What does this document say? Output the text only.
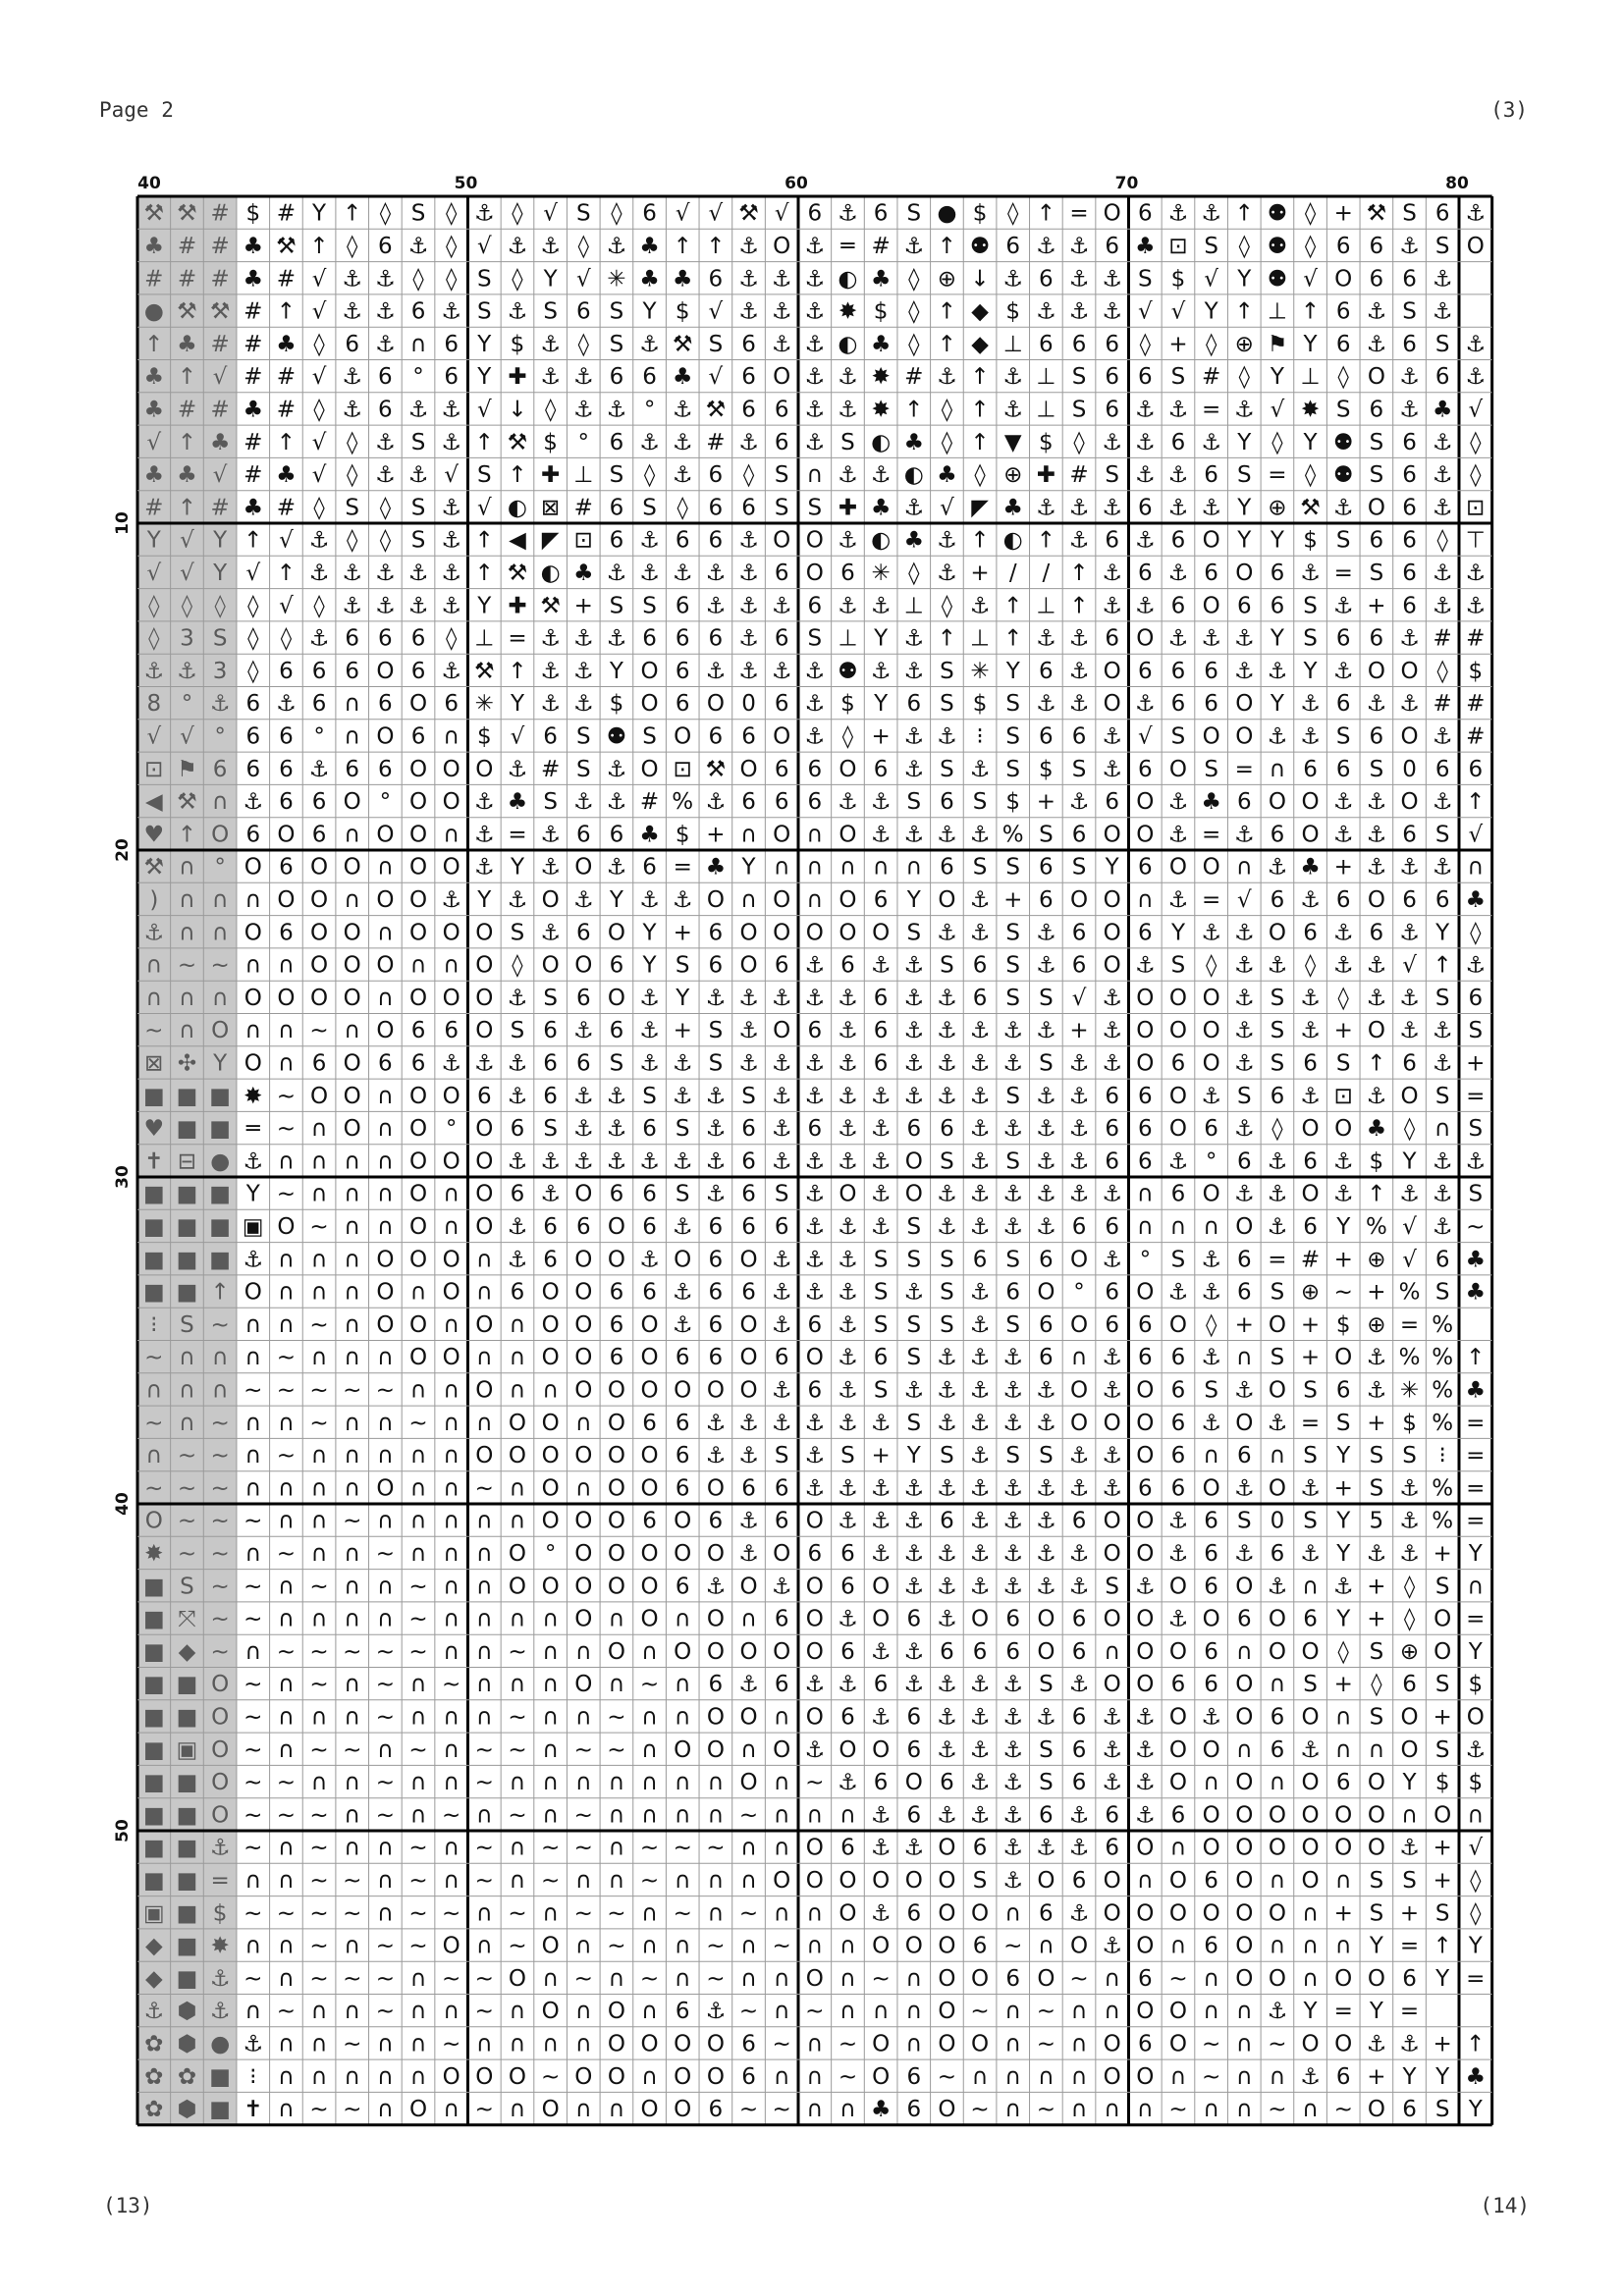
Page 2	(3)
40	50	60	70	80
10
20
30
40
50
⚒ ⚒ # $ # Y ↑ ◊ S ◊ ⚓ ◊ √ S ◊ 6 √ √ ⚒ √ 6 ⚓ 6 S ● $ ◊ ↑ = O 6 ⚓ ⚓ ↑ ⚉ ◊ + ⚒ S 6 ⚓
♣ # # ♣ ⚒ ↑ ◊ 6 ⚓ ◊ √ ⚓ ⚓ ◊ ⚓ ♣ ↑ ↑ ⚓ O ⚓ ═ # ⚓ ↑ ⚉ 6 ⚓ ⚓ 6 ♣ ⊡ S ◊ ⚉ ◊ 6 6 ⚓ S O
# # # ♣ # √ ⚓ ⚓ ◊ ◊ S ◊ Y √ ✳ ♣ ♣ 6 ⚓ ⚓ ⚓ ◐ ♣ ◊ ⊕ ↓ ⚓ 6 ⚓ ⚓ S $ √ Y ⚉ √ O 6 6 ⚓
● ⚒ ⚒ # ↑ √ ⚓ ⚓ 6 ⚓ S ⚓ S 6 S Y $ √ ⚓ ⚓ ⚓ ✸ $ ◊ ↑ ◆ $ ⚓ ⚓ ⚓ √ √ Y ↑ ⊥ ↑ 6 ⚓ S ⚓
↑ ♣ # # ♣ ◊ 6 ⚓ ∩ 6 Y $ ⚓ ◊ S ⚓ ⚒ S 6 ⚓ ⚓ ◐ ♣ ◊ ↑ ◆ ⊥ 6 6 6 ◊ + ◊ ⊕ ⚑ Y 6 ⚓ 6 S ⚓
♣ ↑ √ # # √ ⚓ 6 ° 6 Y ✚ ⚓ ⚓ 6 6 ♣ √ 6 O ⚓ ⚓ ✸ # ⚓ ↑ ⚓ ⊥ S 6 6 S # ◊ Y ⊥ ◊ O ⚓ 6 ⚓
♣ # # ♣ # ◊ ⚓ 6 ⚓ ⚓ √ ↓ ◊ ⚓ ⚓ ° ⚓ ⚒ 6 6 ⚓ ⚓ ✸ ↑ ◊ ↑ ⚓ ⊥ S 6 ⚓ ⚓ = ⚓ √ ✸ S 6 ⚓ ♣ √
√ ↑ ♣ # ↑ √ ◊ ⚓ S ⚓ ↑ ⚒ $ ° 6 ⚓ ⚓ # ⚓ 6 ⚓ S ◐ ♣ ◊ ↑ ▼ $ ◊ ⚓ ⚓ 6 ⚓ Y ◊ Y ⚉ S 6 ⚓ ◊
♣ ♣ √ # ♣ √ ◊ ⚓ ⚓ √ S ↑ ✚ ⊥ S ◊ ⚓ 6 ◊ S ∩ ⚓ ⚓ ◐ ♣ ◊ ⊕ ✚ # S ⚓ ⚓ 6 S = ◊ ⚉ S 6 ⚓ ◊
# ↑ # ♣ # ◊ S ◊ S ⚓ √ ◐ ⊠ # 6 S ◊ 6 6 S S ✚ ♣ ⚓ √ ◤ ♣ ⚓ ⚓ ⚓ 6 ⚓ ⚓ Y ⊕ ⚒ ⚓ O 6 ⚓ ⊡
Y √ Y ↑ √ ⚓ ◊ ◊ S ⚓ ↑ ◀ ◤ ⊡ 6 ⚓ 6 6 ⚓ O O ⚓ ◐ ♣ ⚓ ↑ ◐ ↑ ⚓ 6 ⚓ 6 O Y Y $ S 6 6 ◊ ⊤
√ √ Y √ ↑ ⚓ ⚓ ⚓ ⚓ ⚓ ↑ ⚒ ◐ ♣ ⚓ ⚓ ⚓ ⚓ ⚓ 6 O 6 ✳ ◊ ⚓ + / / ↑ ⚓ 6 ⚓ 6 O 6 ⚓ = S 6 ⚓ ⚓
◊ ◊ ◊ ◊ √ ◊ ⚓ ⚓ ⚓ ⚓ Y ✚ ⚒ + S S 6 ⚓ ⚓ ⚓ 6 ⚓ ⚓ ⊥ ◊ ⚓ ↑ ⊥ ↑ ⚓ ⚓ 6 O 6 6 S ⚓ + 6 ⚓ ⚓
◊ 3 S ◊ ◊ ⚓ 6 6 6 ◊ ⊥ = ⚓ ⚓ ⚓ 6 6 6 ⚓ 6 S ⊥ Y ⚓ ↑ ⊥ ↑ ⚓ ⚓ 6 O ⚓ ⚓ ⚓ Y S 6 6 ⚓ # #
⚓ ⚓ 3 ◊ 6 6 6 O 6 ⚓ ⚒ ↑ ⚓ ⚓ Y O 6 ⚓ ⚓ ⚓ ⚓ ⚉ ⚓ ⚓ S ✳ Y 6 ⚓ O 6 6 6 ⚓ ⚓ Y ⚓ O O ◊ $
8 ° ⚓ 6 ⚓ 6 ∩ 6 O 6 ✳ Y ⚓ ⚓ $ O 6 O 0 6 ⚓ $ Y 6 S $ S ⚓ ⚓ O ⚓ 6 6 O Y ⚓ 6 ⚓ ⚓ # #
√ √ ° 6 6 ° ∩ O 6 ∩ $ √ 6 S ⚉ S O 6 6 O ⚓ ◊ + ⚓ ⚓ ⁝ S 6 6 ⚓ √ S O O ⚓ ⚓ S 6 O ⚓ #
⊡ ⚑ 6 6 6 ⚓ 6 6 O O O ⚓ # S ⚓ O ⊡ ⚒ O 6 6 O 6 ⚓ S ⚓ S $ S ⚓ 6 O S = ∩ 6 6 S 0 6 6
◀ ⚒ ∩ ⚓ 6 6 O ° O O ⚓ ♣ S ⚓ ⚓ # % ⚓ 6 6 6 ⚓ ⚓ S 6 S $ + ⚓ 6 O ⚓ ♣ 6 O O ⚓ ⚓ O ⚓ ↑
♥ ↑ O 6 O 6 ∩ O O ∩ ⚓ = ⚓ 6 6 ♣ $ + ∩ O ∩ O ⚓ ⚓ ⚓ ⚓ % S 6 O O ⚓ = ⚓ 6 O ⚓ ⚓ 6 S √
⚒ ∩ ° O 6 O O ∩ O O ⚓ Y ⚓ O ⚓ 6 = ♣ Y ∩ ∩ ∩ ∩ ∩ 6 S S 6 S Y 6 O O ∩ ⚓ ♣ + ⚓ ⚓ ⚓ ∩
) ∩ ∩ ∩ O O ∩ O O ⚓ Y ⚓ O ⚓ Y ⚓ ⚓ O ∩ O ∩ O 6 Y O ⚓ + 6 O O ∩ ⚓ = √ 6 ⚓ 6 O 6 6 ♣
⚓ ∩ ∩ O 6 O O ∩ O O O S ⚓ 6 O Y + 6 O O O O O S ⚓ ⚓ S ⚓ 6 O 6 Y ⚓ ⚓ O 6 ⚓ 6 ⚓ Y ◊
∩ ~ ~ ∩ ∩ O O O ∩ ∩ O ◊ O O 6 Y S 6 O 6 ⚓ 6 ⚓ ⚓ S 6 S ⚓ 6 O ⚓ S ◊ ⚓ ⚓ ◊ ⚓ ⚓ √ ↑ ⚓
∩ ∩ ∩ O O O O ∩ O O O ⚓ S 6 O ⚓ Y ⚓ ⚓ ⚓ ⚓ ⚓ 6 ⚓ ⚓ 6 S S √ ⚓ O O O ⚓ S ⚓ ◊ ⚓ ⚓ S 6
~ ∩ O ∩ ∩ ~ ∩ O 6 6 O S 6 ⚓ 6 ⚓ + S ⚓ O 6 ⚓ 6 ⚓ ⚓ ⚓ ⚓ ⚓ + ⚓ O O O ⚓ S ⚓ + O ⚓ ⚓ S
⊠ ✣ Y O ∩ 6 O 6 6 ⚓ ⚓ ⚓ 6 6 S ⚓ ⚓ S ⚓ ⚓ ⚓ ⚓ 6 ⚓ ⚓ ⚓ ⚓ S ⚓ ⚓ O 6 O ⚓ S 6 S ↑ 6 ⚓ +
■ ■ ■ ✸ ~ O O ∩ O O 6 ⚓ 6 ⚓ ⚓ S ⚓ ⚓ S ⚓ ⚓ ⚓ ⚓ ⚓ ⚓ ⚓ S ⚓ ⚓ 6 6 O ⚓ S 6 ⚓ ⊡ ⚓ O S =
♥ ■ ■ ═ ~ ∩ O ∩ O ° O 6 S ⚓ ⚓ 6 S ⚓ 6 ⚓ 6 ⚓ ⚓ 6 6 ⚓ ⚓ ⚓ ⚓ 6 6 O 6 ⚓ ◊ O O ♣ ◊ ∩ S
✝ ⊟ ● ⚓ ∩ ∩ ∩ ∩ O O O ⚓ ⚓ ⚓ ⚓ ⚓ ⚓ ⚓ 6 ⚓ ⚓ ⚓ ⚓ O S ⚓ S ⚓ ⚓ 6 6 ⚓ ° 6 ⚓ 6 ⚓ $ Y ⚓ ⚓
■ ■ ■ Y ~ ∩ ∩ ∩ O ∩ O 6 ⚓ O 6 6 S ⚓ 6 S ⚓ O ⚓ O ⚓ ⚓ ⚓ ⚓ ⚓ ⚓ ∩ 6 O ⚓ ⚓ O ⚓ ↑ ⚓ ⚓ S
■ ■ ■ ▣ O ~ ∩ ∩ O ∩ O ⚓ 6 6 O 6 ⚓ 6 6 6 ⚓ ⚓ ⚓ S ⚓ ⚓ ⚓ ⚓ 6 6 ∩ ∩ ∩ O ⚓ 6 Y % √ ⚓ ~
■ ■ ■ ⚓ ∩ ∩ ∩ O O O ∩ ⚓ 6 O O ⚓ O 6 O ⚓ ⚓ ⚓ S S S 6 S 6 O ⚓ ° S ⚓ 6 = # + ⊕ √ 6 ♣
■ ■ ↑ O ∩ ∩ ∩ O ∩ O ∩ 6 O O 6 6 ⚓ 6 6 ⚓ ⚓ ⚓ S ⚓ S ⚓ 6 O ° 6 O ⚓ ⚓ 6 S ⊕ ~ + % S ♣
⁝ S ~ ∩ ∩ ~ ∩ O O ∩ O ∩ O O 6 O ⚓ 6 O ⚓ 6 ⚓ S S S ⚓ S 6 O 6 6 O ◊ + O + $ ⊕ = %
~ ∩ ∩ ∩ ~ ∩ ∩ ∩ O O ∩ ∩ O O 6 O 6 6 O 6 O ⚓ 6 S ⚓ ⚓ ⚓ 6 ∩ ⚓ 6 6 ⚓ ∩ S + O ⚓ % % ↑
∩ ∩ ∩ ~ ~ ~ ~ ~ ∩ ∩ O ∩ ∩ O O O O O O ⚓ 6 ⚓ S ⚓ ⚓ ⚓ ⚓ ⚓ O ⚓ O 6 S ⚓ O S 6 ⚓ ✳ % ♣
~ ∩ ~ ∩ ∩ ~ ∩ ∩ ~ ∩ ∩ O O ∩ O 6 6 ⚓ ⚓ ⚓ ⚓ ⚓ ⚓ S ⚓ ⚓ ⚓ ⚓ O O O 6 ⚓ O ⚓ = S + $ % =
∩ ~ ~ ∩ ~ ∩ ∩ ∩ ∩ ∩ O O O O O O 6 ⚓ ⚓ S ⚓ S + Y S ⚓ S S ⚓ ⚓ O 6 ∩ 6 ∩ S Y S S ⁝ =
~ ~ ~ ∩ ∩ ∩ ∩ O ∩ ∩ ~ ∩ O ∩ O O 6 O 6 6 ⚓ ⚓ ⚓ ⚓ ⚓ ⚓ ⚓ ⚓ ⚓ ⚓ 6 6 O ⚓ O ⚓ + S ⚓ % =
O ~ ~ ~ ∩ ∩ ~ ∩ ∩ ∩ ∩ ∩ O O O 6 O 6 ⚓ 6 O ⚓ ⚓ ⚓ 6 ⚓ ⚓ ⚓ 6 O O ⚓ 6 S 0 S Y 5 ⚓ % =
✸ ~ ~ ∩ ~ ∩ ∩ ~ ∩ ∩ ∩ O ° O O O O O ⚓ O 6 6 ⚓ ⚓ ⚓ ⚓ ⚓ ⚓ ⚓ O O ⚓ 6 ⚓ 6 ⚓ Y ⚓ ⚓ + Y
■ S ~ ~ ∩ ~ ∩ ∩ ~ ∩ ∩ O O O O O 6 ⚓ O ⚓ O 6 O ⚓ ⚓ ⚓ ⚓ ⚓ ⚓ S ⚓ O 6 O ⚓ ∩ ⚓ + ◊ S ∩
■ ⤧ ~ ~ ∩ ∩ ∩ ∩ ~ ∩ ∩ ∩ ∩ O ∩ O ∩ O ∩ 6 O ⚓ O 6 ⚓ O 6 O 6 O O ⚓ O 6 O 6 Y + ◊ O =
■ ◆ ~ ∩ ~ ~ ~ ~ ~ ∩ ∩ ~ ∩ ∩ O ∩ O O O O O 6 ⚓ ⚓ 6 6 6 O 6 ∩ O O 6 ∩ O O ◊ S ⊕ O Y
■ ■ O ~ ∩ ~ ∩ ~ ∩ ~ ∩ ∩ ∩ O ∩ ~ ∩ 6 ⚓ 6 ⚓ ⚓ 6 ⚓ ⚓ ⚓ ⚓ S ⚓ O O 6 6 O ∩ S + ◊ 6 S $
■ ■ O ~ ∩ ∩ ∩ ~ ∩ ∩ ∩ ~ ∩ ∩ ~ ∩ ∩ O O ∩ O 6 ⚓ 6 ⚓ ⚓ ⚓ ⚓ 6 ⚓ ⚓ O ⚓ O 6 O ∩ S O + O
■ ▣ O ~ ∩ ~ ~ ∩ ~ ∩ ~ ~ ∩ ~ ~ ∩ O O ∩ O ⚓ O O 6 ⚓ ⚓ ⚓ S 6 ⚓ ⚓ O O ∩ 6 ⚓ ∩ ∩ O S ⚓
■ ■ O ~ ~ ∩ ∩ ~ ∩ ∩ ~ ∩ ∩ ∩ ∩ ∩ ∩ ∩ O ∩ ~ ⚓ 6 O 6 ⚓ ⚓ S 6 ⚓ ⚓ O ∩ O ∩ O 6 O Y $ $
■ ■ O ~ ~ ~ ∩ ~ ∩ ~ ∩ ~ ∩ ~ ∩ ∩ ∩ ∩ ~ ∩ ∩ ∩ ⚓ 6 ⚓ ⚓ ⚓ 6 ⚓ 6 ⚓ 6 O O O O O O ∩ O ∩
■ ■ ⚓ ~ ∩ ~ ∩ ∩ ~ ∩ ~ ∩ ~ ~ ∩ ~ ~ ~ ∩ ∩ O 6 ⚓ ⚓ O 6 ⚓ ⚓ ⚓ 6 O ∩ O O O O O O ⚓ + √
■ ■ = ∩ ∩ ~ ~ ∩ ~ ∩ ~ ∩ ~ ∩ ∩ ~ ∩ ∩ ∩ O O O O O O S ⚓ O 6 O ∩ O 6 O ∩ O ∩ S S + ◊
▣ ■ $ ~ ~ ~ ~ ∩ ~ ~ ∩ ~ ∩ ~ ~ ∩ ~ ∩ ~ ∩ ∩ O ⚓ 6 O O ∩ 6 ⚓ O O O O O O ∩ + S + S ◊
◆ ■ ✸ ∩ ∩ ~ ∩ ~ ~ O ∩ ~ O ∩ ~ ∩ ∩ ~ ∩ ~ ∩ ∩ O O O 6 ~ ∩ O ⚓ O ∩ 6 O ∩ ∩ ∩ Y = ↑ Y
◆ ■ ⚓ ~ ∩ ~ ~ ~ ∩ ~ ~ O ∩ ~ ∩ ~ ∩ ~ ∩ ∩ O ∩ ~ ∩ O O 6 O ~ ∩ 6 ~ ∩ O O ∩ O O 6 Y =
⚓ ⬢ ⚓ ∩ ~ ∩ ∩ ~ ∩ ∩ ~ ∩ O ∩ O ∩ 6 ⚓ ~ ∩ ~ ∩ ∩ ∩ O ~ ∩ ~ ∩ ∩ O O ∩ ∩ ⚓ Y = Y =
✿ ⬢ ● ⚓ ∩ ∩ ~ ∩ ∩ ~ ∩ ∩ ∩ ∩ O O O O 6 ~ ∩ ~ O ∩ O O ∩ ~ ∩ O 6 O ~ ∩ ~ O O ⚓ ⚓ + ↑
✿ ✿ ■ ⁝ ∩ ∩ ∩ ∩ ∩ O O O ~ O O ∩ O O 6 ∩ ∩ ~ O 6 ~ ∩ ∩ ∩ ∩ O O ∩ ~ ∩ ∩ ⚓ 6 + Y Y ♣
✿ ⬢ ■ ✝ ∩ ~ ~ ∩ O ∩ ~ ∩ O ∩ ∩ O O 6 ~ ~ ∩ ∩ ♣ 6 O ~ ∩ ~ ∩ ∩ ∩ ~ ∩ ∩ ~ ∩ ~ O 6 S Y
(13)	(14)
